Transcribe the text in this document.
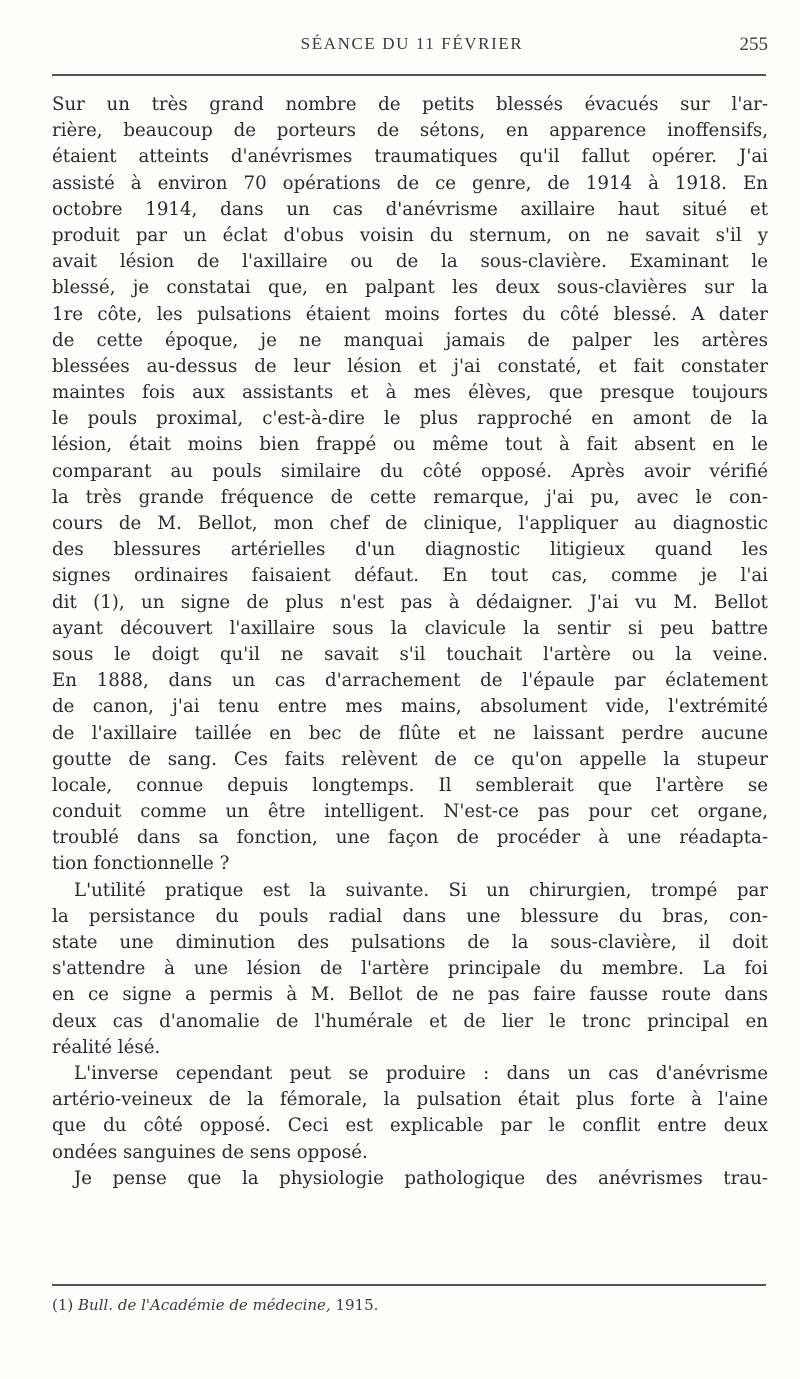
SÉANCE DU 11 FÉVRIER	255
Sur un très grand nombre de petits blessés évacués sur l'ar-
rière, beaucoup de porteurs de sétons, en apparence inoffensifs,
étaient atteints d'anévrismes traumatiques qu'il fallut opérer. J'ai
assisté à environ 70 opérations de ce genre, de 1914 à 1918. En
octobre 1914, dans un cas d'anévrisme axillaire haut situé et
produit par un éclat d'obus voisin du sternum, on ne savait s'il y
avait lésion de l'axillaire ou de la sous-clavière. Examinant le
blessé, je constatai que, en palpant les deux sous-clavières sur la
1re côte, les pulsations étaient moins fortes du côté blessé. A dater
de cette époque, je ne manquai jamais de palper les artères
blessées au-dessus de leur lésion et j'ai constaté, et fait constater
maintes fois aux assistants et à mes élèves, que presque toujours
le pouls proximal, c'est-à-dire le plus rapproché en amont de la
lésion, était moins bien frappé ou même tout à fait absent en le
comparant au pouls similaire du côté opposé. Après avoir vérifié
la très grande fréquence de cette remarque, j'ai pu, avec le con-
cours de M. Bellot, mon chef de clinique, l'appliquer au diagnostic
des blessures artérielles d'un diagnostic litigieux quand les
signes ordinaires faisaient défaut. En tout cas, comme je l'ai
dit (1), un signe de plus n'est pas à dédaigner. J'ai vu M. Bellot
ayant découvert l'axillaire sous la clavicule la sentir si peu battre
sous le doigt qu'il ne savait s'il touchait l'artère ou la veine.
En 1888, dans un cas d'arrachement de l'épaule par éclatement
de canon, j'ai tenu entre mes mains, absolument vide, l'extrémité
de l'axillaire taillée en bec de flûte et ne laissant perdre aucune
goutte de sang. Ces faits relèvent de ce qu'on appelle la stupeur
locale, connue depuis longtemps. Il semblerait que l'artère se
conduit comme un être intelligent. N'est-ce pas pour cet organe,
troublé dans sa fonction, une façon de procéder à une réadapta-
tion fonctionnelle ?
L'utilité pratique est la suivante. Si un chirurgien, trompé par
la persistance du pouls radial dans une blessure du bras, con-
state une diminution des pulsations de la sous-clavière, il doit
s'attendre à une lésion de l'artère principale du membre. La foi
en ce signe a permis à M. Bellot de ne pas faire fausse route dans
deux cas d'anomalie de l'humérale et de lier le tronc principal en
réalité lésé.
L'inverse cependant peut se produire : dans un cas d'anévrisme
artério-veineux de la fémorale, la pulsation était plus forte à l'aine
que du côté opposé. Ceci est explicable par le conflit entre deux
ondées sanguines de sens opposé.
Je pense que la physiologie pathologique des anévrismes trau-
(1) Bull. de l'Académie de médecine, 1915.
